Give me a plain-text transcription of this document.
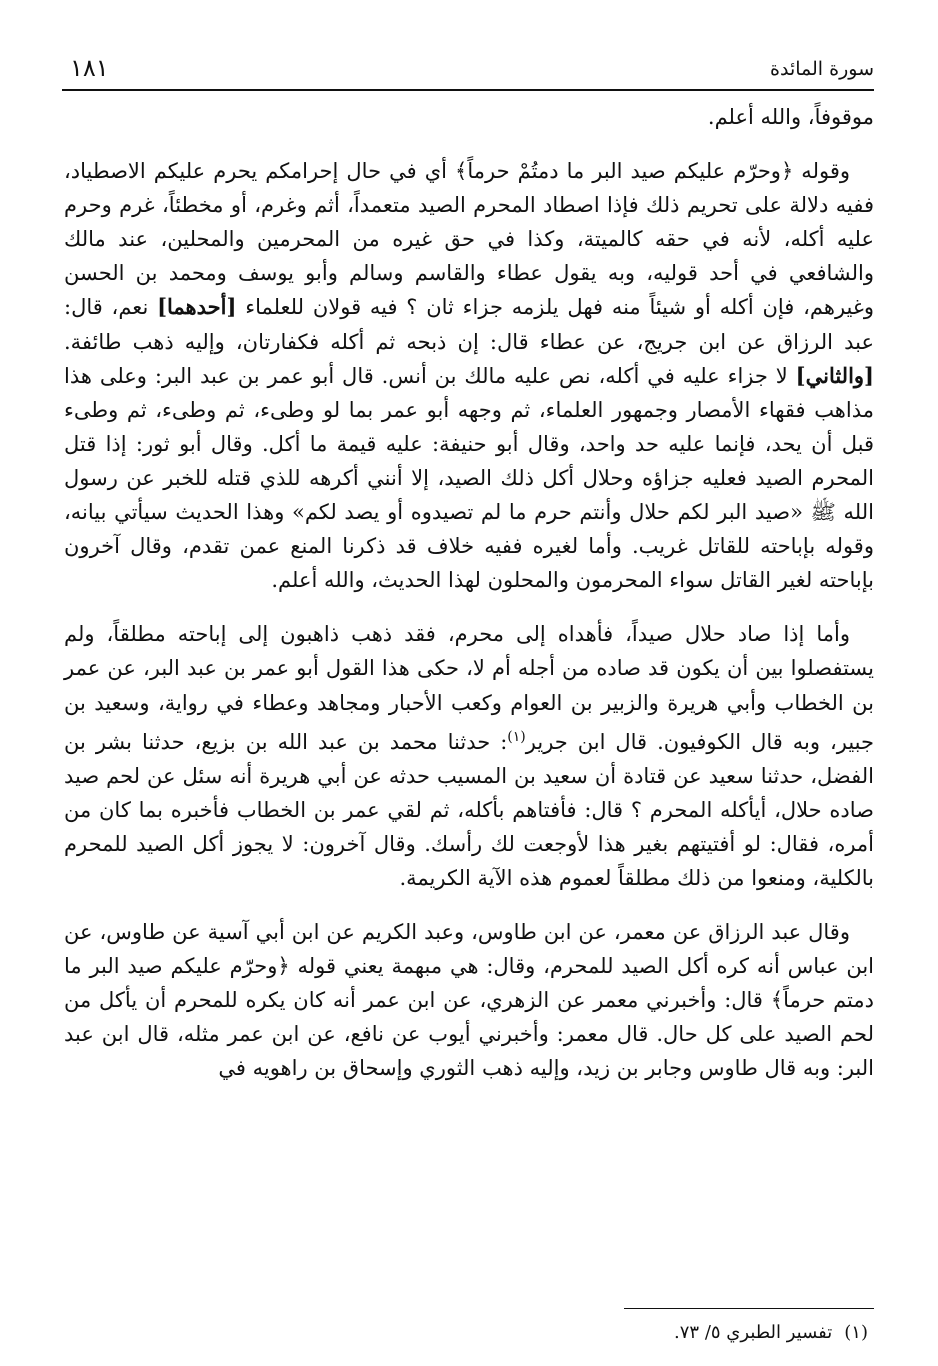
سورة المائدة
١٨١

موقوفاً، والله أعلم.

وقوله ﴿وحرّم عليكم صيد البر ما دمتُمْ حرماً﴾ أي في حال إحرامكم يحرم عليكم الاصطياد، ففيه دلالة على تحريم ذلك فإذا اصطاد المحرم الصيد متعمداً، أثم وغرم، أو مخطئاً، غرم وحرم عليه أكله، لأنه في حقه كالميتة، وكذا في حق غيره من المحرمين والمحلين، عند مالك والشافعي في أحد قوليه، وبه يقول عطاء والقاسم وسالم وأبو يوسف ومحمد بن الحسن وغيرهم، فإن أكله أو شيئاً منه فهل يلزمه جزاء ثان ؟ فيه قولان للعلماء [أحدهما] نعم، قال: عبد الرزاق عن ابن جريج، عن عطاء قال: إن ذبحه ثم أكله فكفارتان، وإليه ذهب طائفة. [والثاني] لا جزاء عليه في أكله، نص عليه مالك بن أنس. قال أبو عمر بن عبد البر: وعلى هذا مذاهب فقهاء الأمصار وجمهور العلماء، ثم وجهه أبو عمر بما لو وطىء، ثم وطىء، ثم وطىء قبل أن يحد، فإنما عليه حد واحد، وقال أبو حنيفة: عليه قيمة ما أكل. وقال أبو ثور: إذا قتل المحرم الصيد فعليه جزاؤه وحلال أكل ذلك الصيد، إلا أنني أكرهه للذي قتله للخبر عن رسول الله ﷺ «صيد البر لكم حلال وأنتم حرم ما لم تصيدوه أو يصد لكم» وهذا الحديث سيأتي بيانه، وقوله بإباحته للقاتل غريب. وأما لغيره ففيه خلاف قد ذكرنا المنع عمن تقدم، وقال آخرون بإباحته لغير القاتل سواء المحرمون والمحلون لهذا الحديث، والله أعلم.

وأما إذا صاد حلال صيداً، فأهداه إلى محرم، فقد ذهب ذاهبون إلى إباحته مطلقاً، ولم يستفصلوا بين أن يكون قد صاده من أجله أم لا، حكى هذا القول أبو عمر بن عبد البر، عن عمر بن الخطاب وأبي هريرة والزبير بن العوام وكعب الأحبار ومجاهد وعطاء في رواية، وسعيد بن جبير، وبه قال الكوفيون. قال ابن جرير$^{(١)}$: حدثنا محمد بن عبد الله بن بزيع، حدثنا بشر بن الفضل، حدثنا سعيد عن قتادة أن سعيد بن المسيب حدثه عن أبي هريرة أنه سئل عن لحم صيد صاده حلال، أيأكله المحرم ؟ قال: فأفتاهم بأكله، ثم لقي عمر بن الخطاب فأخبره بما كان من أمره، فقال: لو أفتيتهم بغير هذا لأوجعت لك رأسك. وقال آخرون: لا يجوز أكل الصيد للمحرم بالكلية، ومنعوا من ذلك مطلقاً لعموم هذه الآية الكريمة.

وقال عبد الرزاق عن معمر، عن ابن طاوس، وعبد الكريم عن ابن أبي آسية عن طاوس، عن ابن عباس أنه كره أكل الصيد للمحرم، وقال: هي مبهمة يعني قوله ﴿وحرّم عليكم صيد البر ما دمتم حرماً﴾ قال: وأخبرني معمر عن الزهري، عن ابن عمر أنه كان يكره للمحرم أن يأكل من لحم الصيد على كل حال. قال معمر: وأخبرني أيوب عن نافع، عن ابن عمر مثله، قال ابن عبد البر: وبه قال طاوس وجابر بن زيد، وإليه ذهب الثوري وإسحاق بن راهويه في

(١)تفسير الطبري ٥/ ٧٣.
